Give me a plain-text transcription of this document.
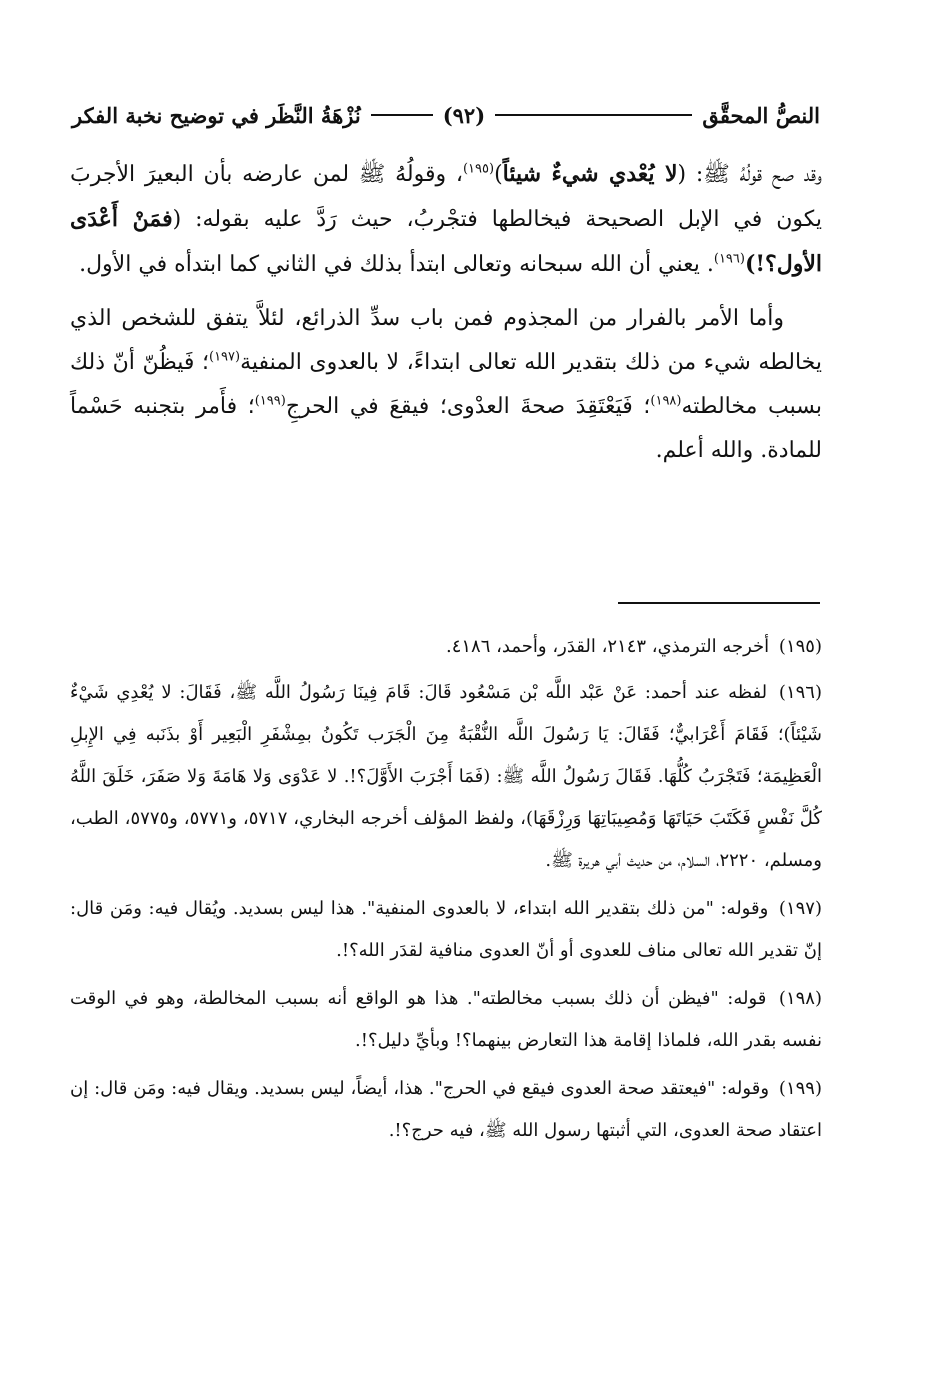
النصُّ المحقَّق
(٩٢)
نُزْهَةُ النَّظَر في توضيح نخبة الفكر

وقد صح قولُهُ ﷺ: (لا يُعْدي شيءٌ شيئاً)$^{(١٩٥)}$، وقولُهُ ﷺ لمن عارضه بأن البعيرَ الأجربَ يكون في الإبل الصحيحة فيخالطها فتجْربُ، حيث رَدَّ عليه بقوله: (فمَنْ أَعْدَى الأول؟!)$^{(١٩٦)}$. يعني أن الله سبحانه وتعالى ابتدأ بذلك في الثاني كما ابتدأه في الأول.

وأما الأمر بالفرار من المجذوم فمن باب سدِّ الذرائع، لئلاَّ يتفق للشخص الذي يخالطه شيء من ذلك بتقدير الله تعالى ابتداءً، لا بالعدوى المنفية$^{(١٩٧)}$؛ فَيظُنّ أنّ ذلك بسبب مخالطته$^{(١٩٨)}$؛ فَيَعْتَقِدَ صحةَ العدْوى؛ فيقعَ في الحرجِ$^{(١٩٩)}$؛ فأَمر بتجنبه حَسْماً للمادة. والله أعلم.

(١٩٥) أخرجه الترمذي، ٢١٤٣، القدَر، وأحمد، ٤١٨٦.

(١٩٦) لفظه عند أحمد: عَنْ عَبْد اللَّه بْن مَسْعُود قَالَ: قَامَ فِينَا رَسُولُ اللَّه ﷺ، فَقَالَ: لا يُعْدِي شَيْءٌ شَيْئاً)؛ فَقَامَ أَعْرَابيٌّ؛ فَقَالَ: يَا رَسُولَ اللَّه النُّقْبَةُ مِنَ الْجَرَب تَكُونُ بمِشْفَرِ الْبَعِير أَوْ بذَنَبه فِي الإِبلِ الْعَظِيمَة؛ فَتَجْرَبُ كُلُّهَا. فَقَالَ رَسُولُ اللَّه ﷺ: (فَمَا أَجْرَبَ الأَوَّلَ؟!. لا عَدْوَى وَلا هَامَةَ وَلا صَفَرَ، خَلَقَ اللَّهُ كُلَّ نَفْسٍ فَكَتَبَ حَيَاتَهَا وَمُصِيبَاتِهَا وَرِزْقَهَا)، ولفظ المؤلف أخرجه البخاري، ٥٧١٧، و٥٧٧١، و٥٧٧٥، الطب، ومسلم، ٢٢٢٠، السلام، من حديث أبي هريرة ﷺ.

(١٩٧) وقوله: "من ذلك بتقدير الله ابتداء، لا بالعدوى المنفية". هذا ليس بسديد. ويُقال فيه: ومَن قال: إنّ تقدير الله تعالى مناف للعدوى أو أنّ العدوى منافية لقدَر الله؟!.

(١٩٨) قوله: "فيظن أن ذلك بسبب مخالطته". هذا هو الواقع أنه بسبب المخالطة، وهو في الوقت نفسه بقدر الله، فلماذا إقامة هذا التعارض بينهما؟! وبأيِّ دليل؟!.

(١٩٩) وقوله: "فيعتقد صحة العدوى فيقع في الحرج". هذا، أيضاً، ليس بسديد. ويقال فيه: ومَن قال: إن اعتقاد صحة العدوى، التي أثبتها رسول الله ﷺ، فيه حرج؟!.
